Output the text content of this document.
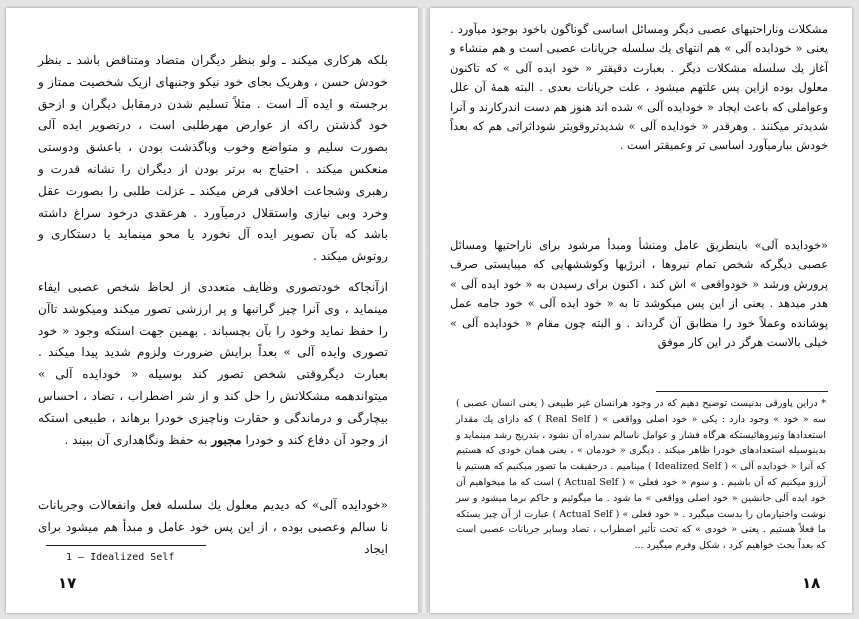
بلکه هرکاری میکند ـ ولو بنظر دیگران متضاد ومتناقض باشد ـ بنظر خودش حسن ، وهریک بجای خود نیکو وجنبهای ازیک شخصیت ممتاز و برجسته و ایده آلـ است . مثلاً تسلیم شدن درمقابل دیگران و ازحق خود گذشتن راکه از عوارض مهرطلبی است ، درتصویر ایده آلی بصورت سلیم و متواضع وخوب وباگذشت بودن ، باعشق ودوستی منعکس میکند . احتیاج به برتر بودن از دیگران را نشانه قدرت و رهبری وشجاعت اخلاقی فرض میکند ـ عزلت طلبی را بصورت عقل وخرد وبی نیازی واستقلال درمیآورد . هرعقدی درخود سراغ داشته باشد که بآن تصویر ایده آل نخورد یا محو مینماید یا دستکاری و روتوش میکند .
ازآنجاکه خودتصوری وظایف متعددی از لحاظ شخص عصبی ایفاء مینماید ، وی آنرا چیز گرانبها و پر ارزشی تصور میکند ومیکوشد تاآن را حفظ نماید وخود را بآن بچسباند . بهمین جهت استکه وجود « خود تصوری وایده آلی » بعداً برایش ضرورت ولزوم شدید پیدا میکند . بعبارت دیگروقتی شخص تصور کند بوسیله « خودایده آلی » میتواندهمه مشکلاتش را حل کند و از شر اضطراب ، تضاد ، احساس بیچارگی و درماندگی و حقارت وناچیزی خودرا برهاند ، طبیعی استکه از وجود آن دفاع کند و خودرا مجبور به حفظ ونگاهداری آن ببیند .
«خودایده آلی» که دیدیم معلول یك سلسله فعل وانفعالات وجریانات نا سالم وعصبی بوده ، از این پس خود عامل و مبدأ هم میشود برای ایجاد
1 – Idealized Self
۱۷
مشکلات وناراحتیهای عصبی دیگر ومسائل اساسی گوناگون باخود بوجود میآورد . یعنی « خودایده آلی » هم انتهای یك سلسله جریانات عصبی است و هم منشاء و آغاز یك سلسله مشکلات دیگر . بعبارت دقیقتر « خود ایده آلی » که تاکنون معلول بوده ازاین پس علتهم میشود ، علت جریانات بعدی . البته همهٔ آن علل وعواملی که باعث ایجاد « خودایده آلی » شده اند هنوز هم دست اندرکارند و آنرا شدیدتر میکنند . وهرقدر « خودایده آلی » شدیدتروقویتر شوداثراتی هم که بعداً خودش ببارمیآورد اساسی تر وعمیقتر است .
«خودایده آلی» باینطریق عامل ومنشأ ومبدأ مرشود برای ناراحتیها ومسائل عصبی دیگرکه شخص تمام نیروها ، انرژیها وکوششهایی که میبایستی صرف پرورش ورشد « خودواقعی » اش کند ، اکنون برای رسیدن به « خود ایده آلی » هدر میدهد . یعنی از این پس میکوشد تا به « خود ایده آلی » خود جامه عمل پوشانده وعملاً خود را مطابق آن گرداند . و البته چون مقام « خودایده آلی » خیلی بالاست هرگز در این کار موفق
* دراین پاورقی بدنیست توضیح دهیم که در وجود هرانسان غیر طبیعی ( یعنی انسان عصبی ) سه « خود » وجود دارد : یکی « خود اصلی وواقعی » ( Real Self ) که دارای یك مقدار استعدادها ونیروهائیستکه هرگاه فشار و عوامل ناسالم سدراه آن نشود ، بتدریج رشد مینماید و بدینوسیله استعدادهای خودرا ظاهر میکند . دیگری « خودمان » ، یعنی همان خودی که هستیم که آنرا « خودایده آلی » ( Idealized Self ) مینامیم . درحقیقت ما تصور میکنیم که هستیم یا آرزو میکنیم که آن باشیم . و سوم « خود فعلی » ( Actual Self ) است که ما میخواهیم آن خود ایده آلی جانشین « خود اصلی وواقعی » ما شود . ما میگوئیم و حاکم برما میشود و سر نوشت واختیارمان را بدست میگیرد . « خود فعلی » ( Actual Self ) عبارت از آن چیز یستکه ما فعلاً هستیم . یعنی « خودی » که تحت تأثیر اضطراب ، تضاد وسایر جریانات عصبی است که بعداً بحث خواهیم کرد ، شکل وفرم میگیرد ...
۱۸
